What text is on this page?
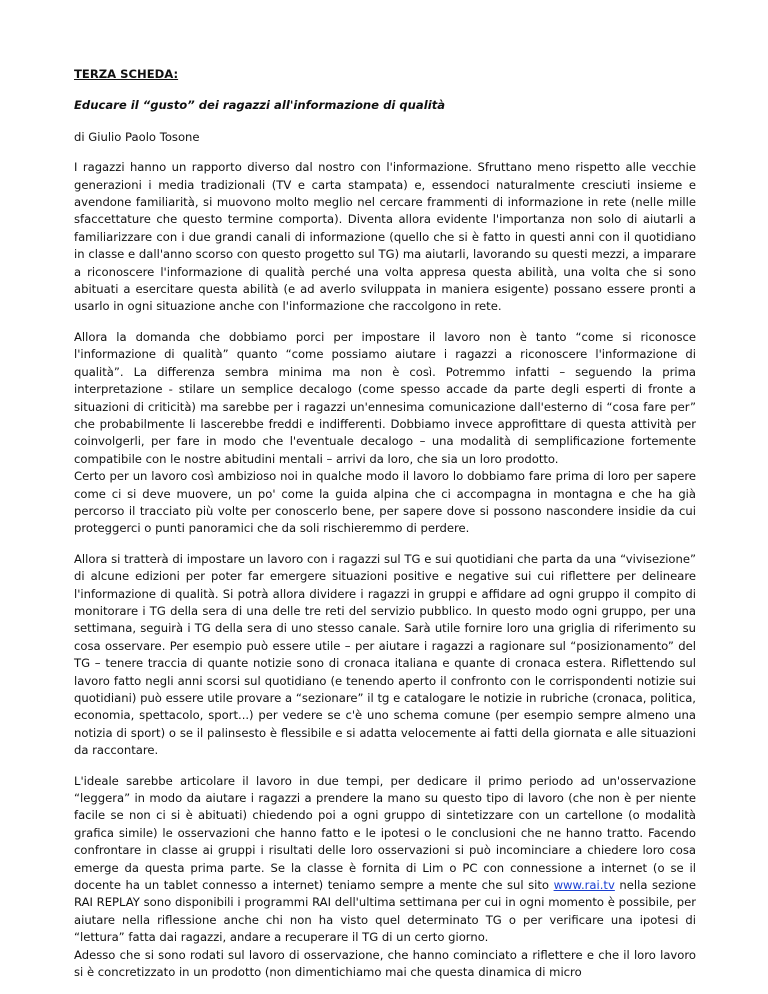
TERZA SCHEDA:

Educare il “gusto” dei ragazzi all'informazione di qualità

di Giulio Paolo Tosone

I ragazzi hanno un rapporto diverso dal nostro con l'informazione. Sfruttano meno rispetto alle vecchie generazioni i media tradizionali (TV e carta stampata) e, essendoci naturalmente cresciuti insieme e avendone familiarità, si muovono molto meglio nel cercare frammenti di informazione in rete (nelle mille sfaccettature che questo termine comporta). Diventa allora evidente l'importanza non solo di aiutarli a familiarizzare con i due grandi canali di informazione (quello che si è fatto in questi anni con il quotidiano in classe e dall'anno scorso con questo progetto sul TG) ma aiutarli, lavorando su questi mezzi, a imparare a riconoscere l'informazione di qualità perché una volta appresa questa abilità, una volta che si sono abituati a esercitare questa abilità (e ad averlo sviluppata in maniera esigente) possano essere pronti a usarlo in ogni situazione anche con l'informazione che raccolgono in rete.

Allora la domanda che dobbiamo porci per impostare il lavoro non è tanto “come si riconosce l'informazione di qualità” quanto “come possiamo aiutare i ragazzi a riconoscere l'informazione di qualità”. La differenza sembra minima ma non è così. Potremmo infatti – seguendo la prima interpretazione - stilare un semplice decalogo (come spesso accade da parte degli esperti di fronte a situazioni di criticità) ma sarebbe per i ragazzi un'ennesima comunicazione dall'esterno di “cosa fare per” che probabilmente li lascerebbe freddi e indifferenti. Dobbiamo invece approfittare di questa attività per coinvolgerli, per fare in modo che l'eventuale decalogo – una modalità di semplificazione fortemente compatibile con le nostre abitudini mentali – arrivi da loro, che sia un loro prodotto.

Certo per un lavoro così ambizioso noi in qualche modo il lavoro lo dobbiamo fare prima di loro per sapere come ci si deve muovere, un po' come la guida alpina che ci accompagna in montagna e che ha già percorso il tracciato più volte per conoscerlo bene, per sapere dove si possono nascondere insidie da cui proteggerci o punti panoramici che da soli rischieremmo di perdere.

Allora si tratterà di impostare un lavoro con i ragazzi sul TG e sui quotidiani che parta da una “vivisezione” di alcune edizioni per poter far emergere situazioni positive e negative sui cui riflettere per delineare l'informazione di qualità. Si potrà allora dividere i ragazzi in gruppi e affidare ad ogni gruppo il compito di monitorare i TG della sera di una delle tre reti del servizio pubblico. In questo modo ogni gruppo, per una settimana, seguirà i TG della sera di uno stesso canale. Sarà utile fornire loro una griglia di riferimento su cosa osservare. Per esempio può essere utile – per aiutare i ragazzi a ragionare sul “posizionamento” del TG – tenere traccia di quante notizie sono di cronaca italiana e quante di cronaca estera. Riflettendo sul lavoro fatto negli anni scorsi sul quotidiano (e tenendo aperto il confronto con le corrispondenti notizie sui quotidiani) può essere utile provare a “sezionare” il tg e catalogare le notizie in rubriche (cronaca, politica, economia, spettacolo, sport...) per vedere se c'è uno schema comune (per esempio sempre almeno una notizia di sport) o se il palinsesto è flessibile e si adatta velocemente ai fatti della giornata e alle situazioni da raccontare.

L'ideale sarebbe articolare il lavoro in due tempi, per dedicare il primo periodo ad un'osservazione “leggera” in modo da aiutare i ragazzi a prendere la mano su questo tipo di lavoro (che non è per niente facile se non ci si è abituati) chiedendo poi a ogni gruppo di sintetizzare con un cartellone (o modalità grafica simile) le osservazioni che hanno fatto e le ipotesi o le conclusioni che ne hanno tratto. Facendo confrontare in classe ai gruppi i risultati delle loro osservazioni si può incominciare a chiedere loro cosa emerge da questa prima parte. Se la classe è fornita di Lim o PC con connessione a internet (o se il docente ha un tablet connesso a internet) teniamo sempre a mente che sul sito www.rai.tv nella sezione RAI REPLAY sono disponibili i programmi RAI dell'ultima settimana per cui in ogni momento è possibile, per aiutare nella riflessione anche chi non ha visto quel determinato TG o per verificare una ipotesi di “lettura” fatta dai ragazzi, andare a recuperare il TG di un certo giorno.

Adesso che si sono rodati sul lavoro di osservazione, che hanno cominciato a riflettere e che il loro lavoro si è concretizzato in un prodotto (non dimentichiamo mai che questa dinamica di micro
